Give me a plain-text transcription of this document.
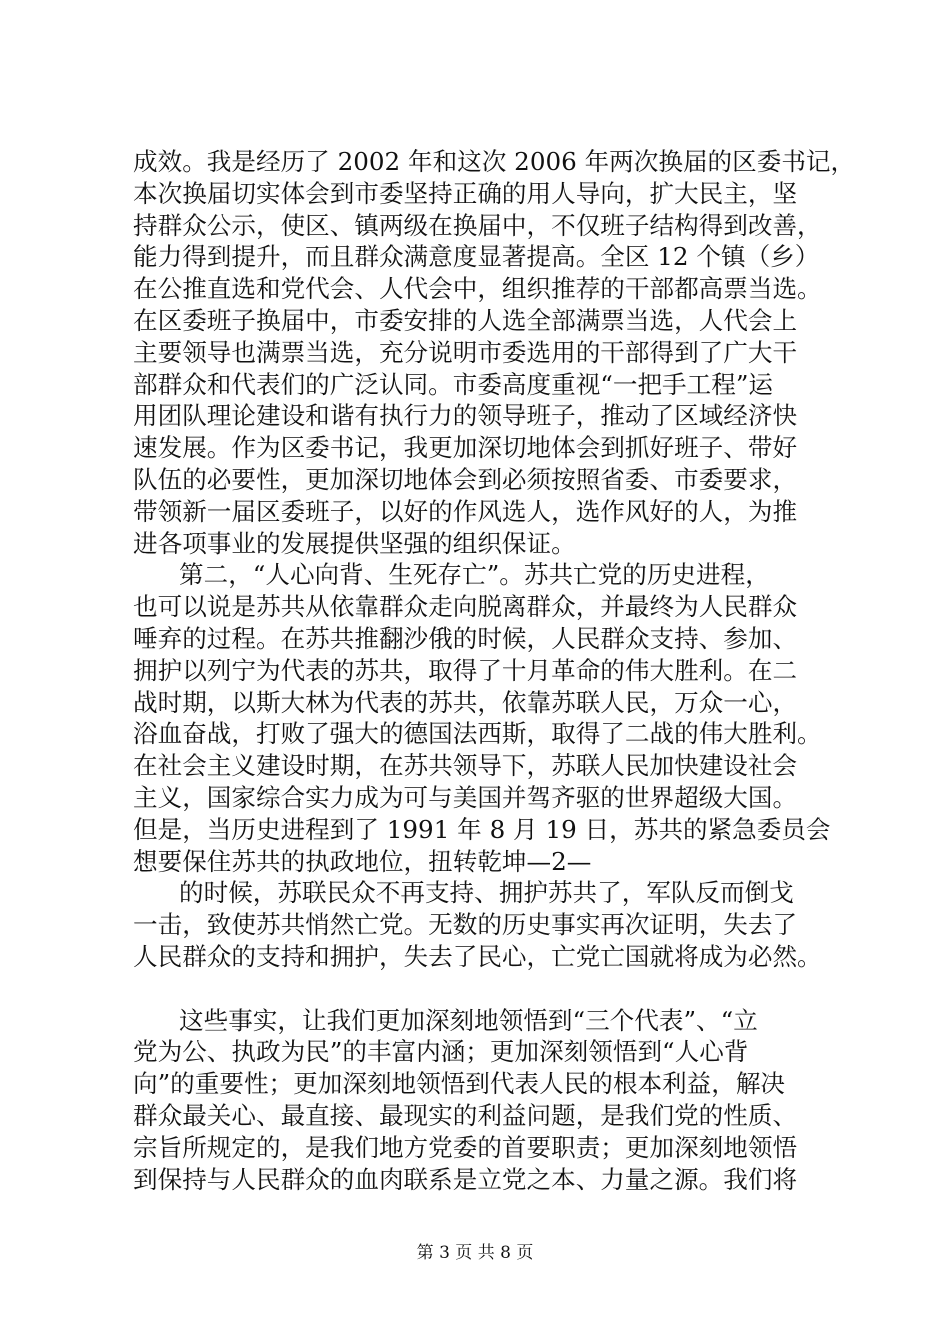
成效。我是经历了 2002 年和这次 2006 年两次换届的区委书记，
本次换届切实体会到市委坚持正确的用人导向，扩大民主，坚
持群众公示，使区、镇两级在换届中，不仅班子结构得到改善，
能力得到提升，而且群众满意度显著提高。全区 12 个镇（乡）
在公推直选和党代会、人代会中，组织推荐的干部都高票当选。
在区委班子换届中，市委安排的人选全部满票当选，人代会上
主要领导也满票当选，充分说明市委选用的干部得到了广大干
部群众和代表们的广泛认同。市委高度重视“一把手工程”运
用团队理论建设和谐有执行力的领导班子，推动了区域经济快
速发展。作为区委书记，我更加深切地体会到抓好班子、带好
队伍的必要性，更加深切地体会到必须按照省委、市委要求，
带领新一届区委班子，以好的作风选人，选作风好的人，为推
进各项事业的发展提供坚强的组织保证。
第二，“人心向背、生死存亡”。苏共亡党的历史进程，
也可以说是苏共从依靠群众走向脱离群众，并最终为人民群众
唾弃的过程。在苏共推翻沙俄的时候，人民群众支持、参加、
拥护以列宁为代表的苏共，取得了十月革命的伟大胜利。在二
战时期，以斯大林为代表的苏共，依靠苏联人民，万众一心，
浴血奋战，打败了强大的德国法西斯，取得了二战的伟大胜利。
在社会主义建设时期，在苏共领导下，苏联人民加快建设社会
主义，国家综合实力成为可与美国并驾齐驱的世界超级大国。
但是，当历史进程到了 1991 年 8 月 19 日，苏共的紧急委员会
想要保住苏共的执政地位，扭转乾坤—2—
的时候，苏联民众不再支持、拥护苏共了，军队反而倒戈
一击，致使苏共悄然亡党。无数的历史事实再次证明，失去了
人民群众的支持和拥护，失去了民心，亡党亡国就将成为必然。
这些事实，让我们更加深刻地领悟到“三个代表”、“立
党为公、执政为民”的丰富内涵；更加深刻领悟到“人心背
向”的重要性；更加深刻地领悟到代表人民的根本利益，解决
群众最关心、最直接、最现实的利益问题，是我们党的性质、
宗旨所规定的，是我们地方党委的首要职责；更加深刻地领悟
到保持与人民群众的血肉联系是立党之本、力量之源。我们将
第 3 页 共 8 页
